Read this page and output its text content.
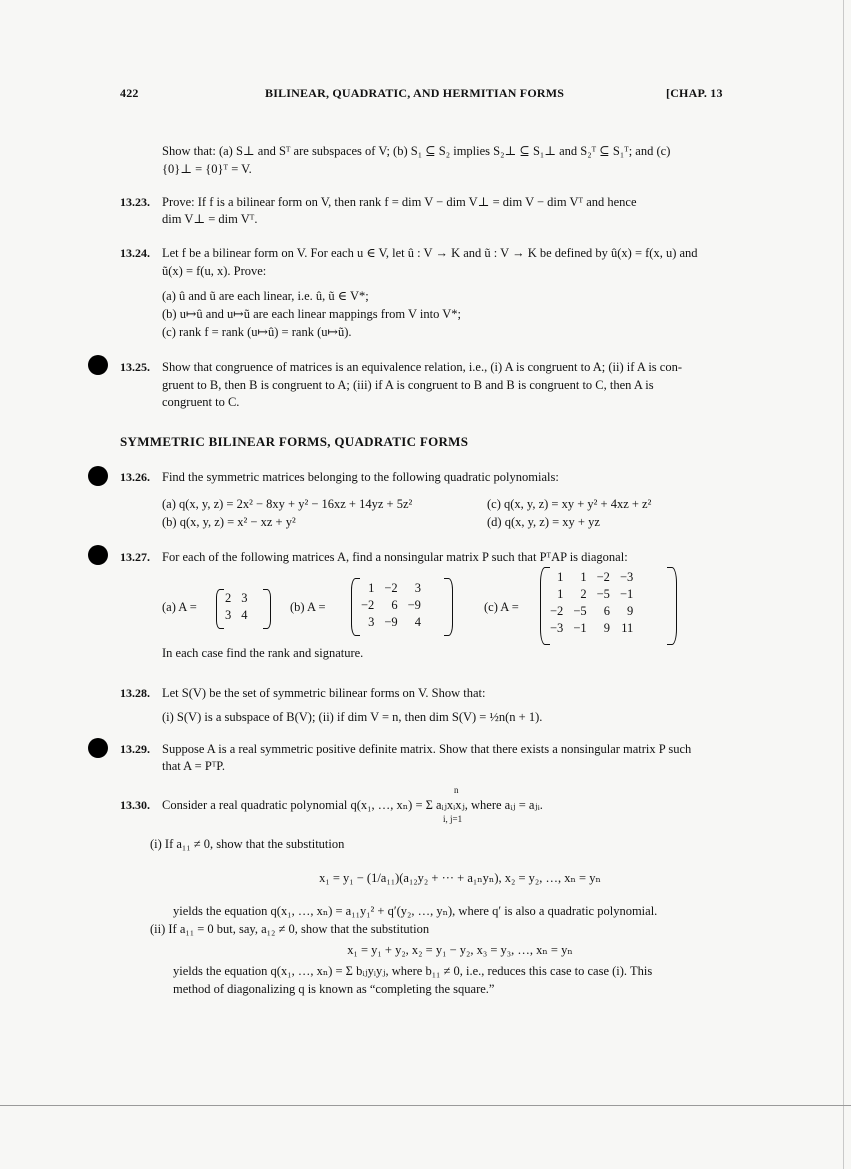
422	BILINEAR, QUADRATIC, AND HERMITIAN FORMS	[CHAP. 13
Show that: (a) S⊥ and Sᵀ are subspaces of V; (b) S₁ ⊆ S₂ implies S₂⊥ ⊆ S₁⊥ and S₂ᵀ ⊆ S₁ᵀ; and (c)
{0}⊥ = {0}ᵀ = V.
13.23. Prove: If f is a bilinear form on V, then rank f = dim V − dim V⊥ = dim V − dim Vᵀ and hence
dim V⊥ = dim Vᵀ.
13.24. Let f be a bilinear form on V. For each u ∈ V, let û : V → K and ũ : V → K be defined by û(x) = f(x, u) and
ũ(x) = f(u, x). Prove:
(a) û and ũ are each linear, i.e. û, ũ ∈ V*;
(b) u↦û and u↦ũ are each linear mappings from V into V*;
(c) rank f = rank (u↦û) = rank (u↦ũ).
13.25. Show that congruence of matrices is an equivalence relation, i.e., (i) A is congruent to A; (ii) if A is con-
gruent to B, then B is congruent to A; (iii) if A is congruent to B and B is congruent to C, then A is
congruent to C.
SYMMETRIC BILINEAR FORMS, QUADRATIC FORMS
13.26. Find the symmetric matrices belonging to the following quadratic polynomials:
(a) q(x, y, z) = 2x² − 8xy + y² − 16xz + 14yz + 5z²
(b) q(x, y, z) = x² − xz + y²
(c) q(x, y, z) = xy + y² + 4xz + z²
(d) q(x, y, z) = xy + yz
13.27. For each of the following matrices A, find a nonsingular matrix P such that PᵀAP is diagonal:
(a) A =
2	3
3	4
(b) A =
1	−2	3
−2	6	−9
3	−9	4
(c) A =
1	1	−2	−3
1	2	−5	−1
−2	−5	6	9
−3	−1	9	11
In each case find the rank and signature.
13.28. Let S(V) be the set of symmetric bilinear forms on V. Show that:
(i) S(V) is a subspace of B(V); (ii) if dim V = n, then dim S(V) = ½n(n + 1).
13.29. Suppose A is a real symmetric positive definite matrix. Show that there exists a nonsingular matrix P such
that A = PᵀP.
13.30. Consider a real quadratic polynomial q(x₁, …, xₙ) = Σ aᵢⱼxᵢxⱼ, where aᵢⱼ = aⱼᵢ.
n
i, j=1
(i) If a₁₁ ≠ 0, show that the substitution
x₁ = y₁ − (1/a₁₁)(a₁₂y₂ + ··· + a₁ₙyₙ), x₂ = y₂, …, xₙ = yₙ
yields the equation q(x₁, …, xₙ) = a₁₁y₁² + q′(y₂, …, yₙ), where q′ is also a quadratic polynomial.
(ii) If a₁₁ = 0 but, say, a₁₂ ≠ 0, show that the substitution
x₁ = y₁ + y₂, x₂ = y₁ − y₂, x₃ = y₃, …, xₙ = yₙ
yields the equation q(x₁, …, xₙ) = Σ bᵢⱼyᵢyⱼ, where b₁₁ ≠ 0, i.e., reduces this case to case (i). This
method of diagonalizing q is known as “completing the square.”
